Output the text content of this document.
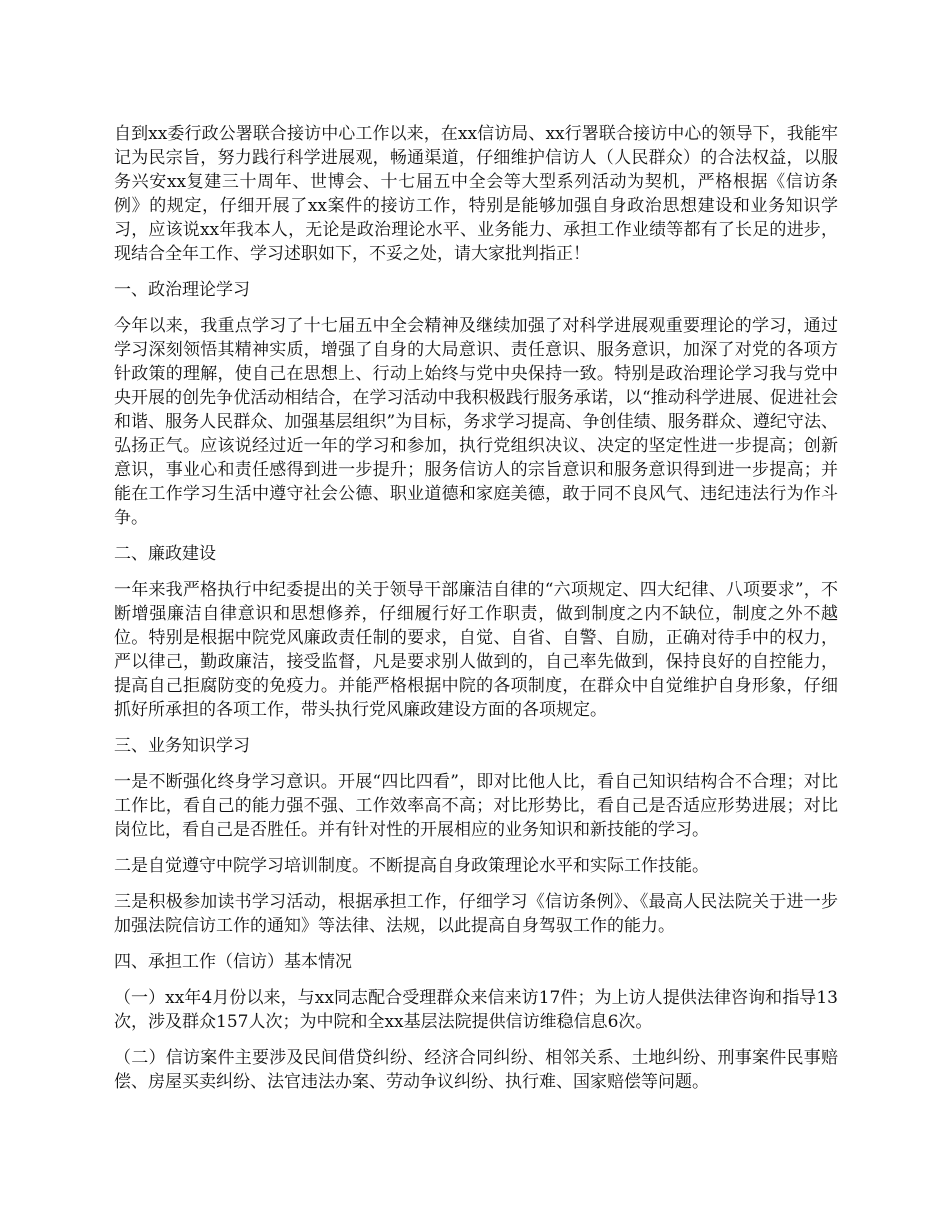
自到xx委行政公署联合接访中心工作以来，在xx信访局、xx行署联合接访中心的领导下，我能牢记为民宗旨，努力践行科学进展观，畅通渠道，仔细维护信访人（人民群众）的合法权益，以服务兴安xx复建三十周年、世博会、十七届五中全会等大型系列活动为契机，严格根据《信访条例》的规定，仔细开展了xx案件的接访工作，特别是能够加强自身政治思想建设和业务知识学习，应该说xx年我本人，无论是政治理论水平、业务能力、承担工作业绩等都有了长足的进步，现结合全年工作、学习述职如下，不妥之处，请大家批判指正！

一、政治理论学习

今年以来，我重点学习了十七届五中全会精神及继续加强了对科学进展观重要理论的学习，通过学习深刻领悟其精神实质，增强了自身的大局意识、责任意识、服务意识，加深了对党的各项方针政策的理解，使自己在思想上、行动上始终与党中央保持一致。特别是政治理论学习我与党中央开展的创先争优活动相结合，在学习活动中我积极践行服务承诺，以“推动科学进展、促进社会和谐、服务人民群众、加强基层组织”为目标，务求学习提高、争创佳绩、服务群众、遵纪守法、弘扬正气。应该说经过近一年的学习和参加，执行党组织决议、决定的坚定性进一步提高；创新意识，事业心和责任感得到进一步提升；服务信访人的宗旨意识和服务意识得到进一步提高；并能在工作学习生活中遵守社会公德、职业道德和家庭美德，敢于同不良风气、违纪违法行为作斗争。

二、廉政建设

一年来我严格执行中纪委提出的关于领导干部廉洁自律的“六项规定、四大纪律、八项要求”，不断增强廉洁自律意识和思想修养，仔细履行好工作职责，做到制度之内不缺位，制度之外不越位。特别是根据中院党风廉政责任制的要求，自觉、自省、自警、自励，正确对待手中的权力，严以律己，勤政廉洁，接受监督，凡是要求别人做到的，自己率先做到，保持良好的自控能力，提高自己拒腐防变的免疫力。并能严格根据中院的各项制度，在群众中自觉维护自身形象，仔细抓好所承担的各项工作，带头执行党风廉政建设方面的各项规定。

三、业务知识学习

一是不断强化终身学习意识。开展“四比四看”，即对比他人比，看自己知识结构合不合理；对比工作比，看自己的能力强不强、工作效率高不高；对比形势比，看自己是否适应形势进展；对比岗位比，看自己是否胜任。并有针对性的开展相应的业务知识和新技能的学习。

二是自觉遵守中院学习培训制度。不断提高自身政策理论水平和实际工作技能。

三是积极参加读书学习活动，根据承担工作，仔细学习《信访条例》、《最高人民法院关于进一步加强法院信访工作的通知》等法律、法规，以此提高自身驾驭工作的能力。

四、承担工作（信访）基本情况

（一）xx年4月份以来，与xx同志配合受理群众来信来访17件；为上访人提供法律咨询和指导13次，涉及群众157人次；为中院和全xx基层法院提供信访维稳信息6次。

（二）信访案件主要涉及民间借贷纠纷、经济合同纠纷、相邻关系、土地纠纷、刑事案件民事赔偿、房屋买卖纠纷、法官违法办案、劳动争议纠纷、执行难、国家赔偿等问题。
